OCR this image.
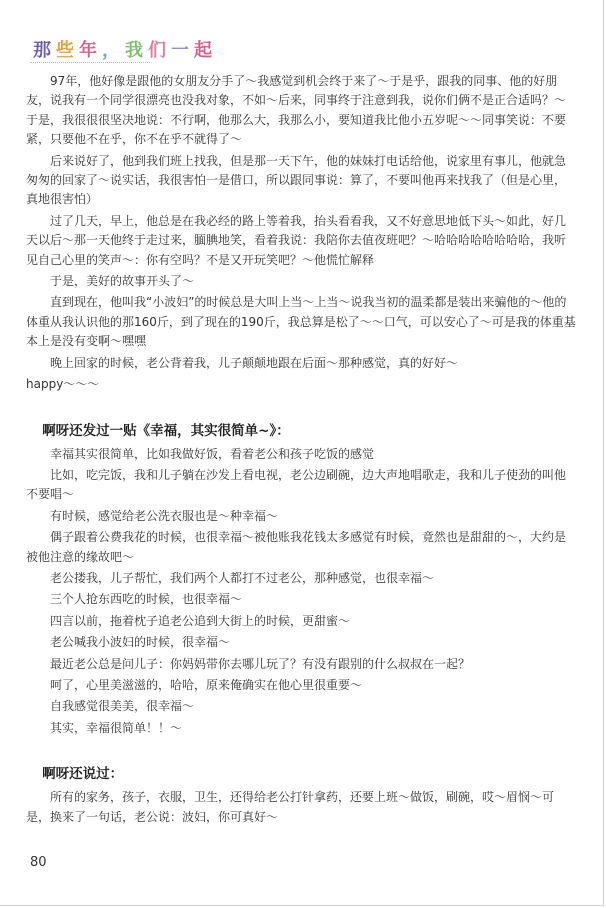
那些年，我们一起

97年，他好像是跟他的女朋友分手了～我感觉到机会终于来了～于是乎，跟我的同事、他的好朋友，说我有一个同学很漂亮也没我对象，不如～后来，同事终于注意到我，说你们俩不是正合适吗？～于是，我很很很坚决地说：不行啊，他那么大，我那么小，要知道我比他小五岁呢～～同事笑说：不要紧，只要他不在乎，你不在乎不就得了～

后来说好了，他到我们班上找我，但是那一天下午，他的妹妹打电话给他，说家里有事儿，他就急匆匆的回家了～说实话，我很害怕一是借口，所以跟同事说：算了，不要叫他再来找我了（但是心里，真地很害怕）

过了几天，早上，他总是在我必经的路上等着我，抬头看看我，又不好意思地低下头～如此，好几天以后～那一天他终于走过来，腼腆地笑，看着我说：我陪你去值夜班吧？～哈哈哈哈哈哈哈哈，我听见自己心里的笑声～：你有空吗？不是又开玩笑吧？～他慌忙解释

于是，美好的故事开头了～

直到现在，他叫我“小波妇”的时候总是大叫上当～上当～说我当初的温柔都是装出来骗他的～他的体重从我认识他的那160斤，到了现在的190斤，我总算是松了～～口气，可以安心了～可是我的体重基本上是没有变啊～嘿嘿

晚上回家的时候，老公背着我，儿子颠颠地跟在后面～那种感觉，真的好好～

happy～～～

啊呀还发过一贴《幸福，其实很简单~》：

幸福其实很简单，比如我做好饭，看着老公和孩子吃饭的感觉

比如，吃完饭，我和儿子躺在沙发上看电视，老公边刷碗，边大声地唱歌走，我和儿子使劲的叫他不要唱～

有时候，感觉给老公洗衣服也是～种幸福～

偶子跟着公费我花的时候，也很幸福～被他账我花钱太多感觉有时候，竟然也是甜甜的～，大约是被他注意的缘故吧～

老公搂我，儿子帮忙，我们两个人都打不过老公，那种感觉，也很幸福～

三个人抢东西吃的时候，也很幸福～

四言以前，拖着枕子追老公追到大街上的时候，更甜蜜～

老公喊我小波妇的时候，很幸福～

最近老公总是问儿子：你妈妈带你去哪儿玩了？有没有跟别的什么叔叔在一起？

呵了，心里美滋滋的，哈哈，原来俺确实在他心里很重要～

自我感觉很美美，很幸福～

其实，幸福很简单！！～

啊呀还说过：

所有的家务，孩子，衣服，卫生，还得给老公打针拿药，还要上班～做饭，刷碗，哎～眉悯～可是，换来了一句话，老公说：波妇，你可真好～

80
